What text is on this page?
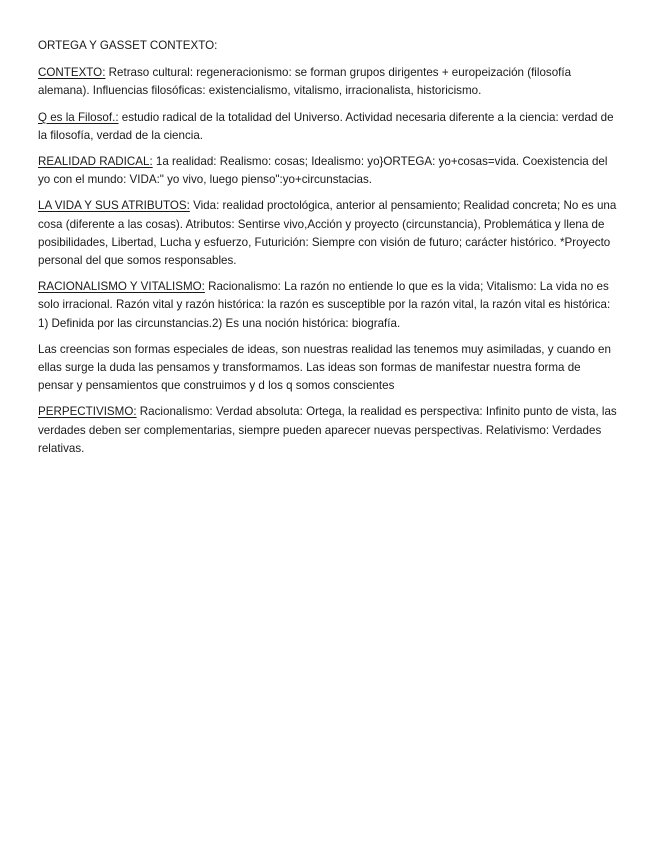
ORTEGA Y GASSET CONTEXTO:

CONTEXTO: Retraso cultural: regeneracionismo: se forman grupos dirigentes + europeización (filosofía alemana). Influencias filosóficas: existencialismo, vitalismo, irracionalista, historicismo.

Q es la Filosof.: estudio radical de la totalidad del Universo. Actividad necesaria diferente a la ciencia: verdad de la filosofía, verdad de la ciencia.

REALIDAD RADICAL: 1a realidad: Realismo: cosas; Idealismo: yo}ORTEGA: yo+cosas=vida. Coexistencia del yo con el mundo: VIDA:" yo vivo, luego pienso":yo+circunstacias.

LA VIDA Y SUS ATRIBUTOS: Vida: realidad proctológica, anterior al pensamiento; Realidad concreta; No es una cosa (diferente a las cosas). Atributos: Sentirse vivo,Acción y proyecto (circunstancia), Problemática y llena de posibilidades, Libertad, Lucha y esfuerzo, Futurición: Siempre con visión de futuro; carácter histórico. *Proyecto personal del que somos responsables.

RACIONALISMO Y VITALISMO: Racionalismo: La razón no entiende lo que es la vida; Vitalismo: La vida no es solo irracional. Razón vital y razón histórica: la razón es susceptible por la razón vital, la razón vital es histórica: 1) Definida por las circunstancias.2) Es una noción histórica: biografía.

Las creencias son formas especiales de ideas, son nuestras realidad las tenemos muy asimiladas, y cuando en ellas surge la duda las pensamos y transformamos. Las ideas son formas de manifestar nuestra forma de pensar y pensamientos que construimos y d los q somos conscientes

PERPECTIVISMO: Racionalismo: Verdad absoluta: Ortega, la realidad es perspectiva: Infinito punto de vista, las verdades deben ser complementarias, siempre pueden aparecer nuevas perspectivas. Relativismo: Verdades relativas.
